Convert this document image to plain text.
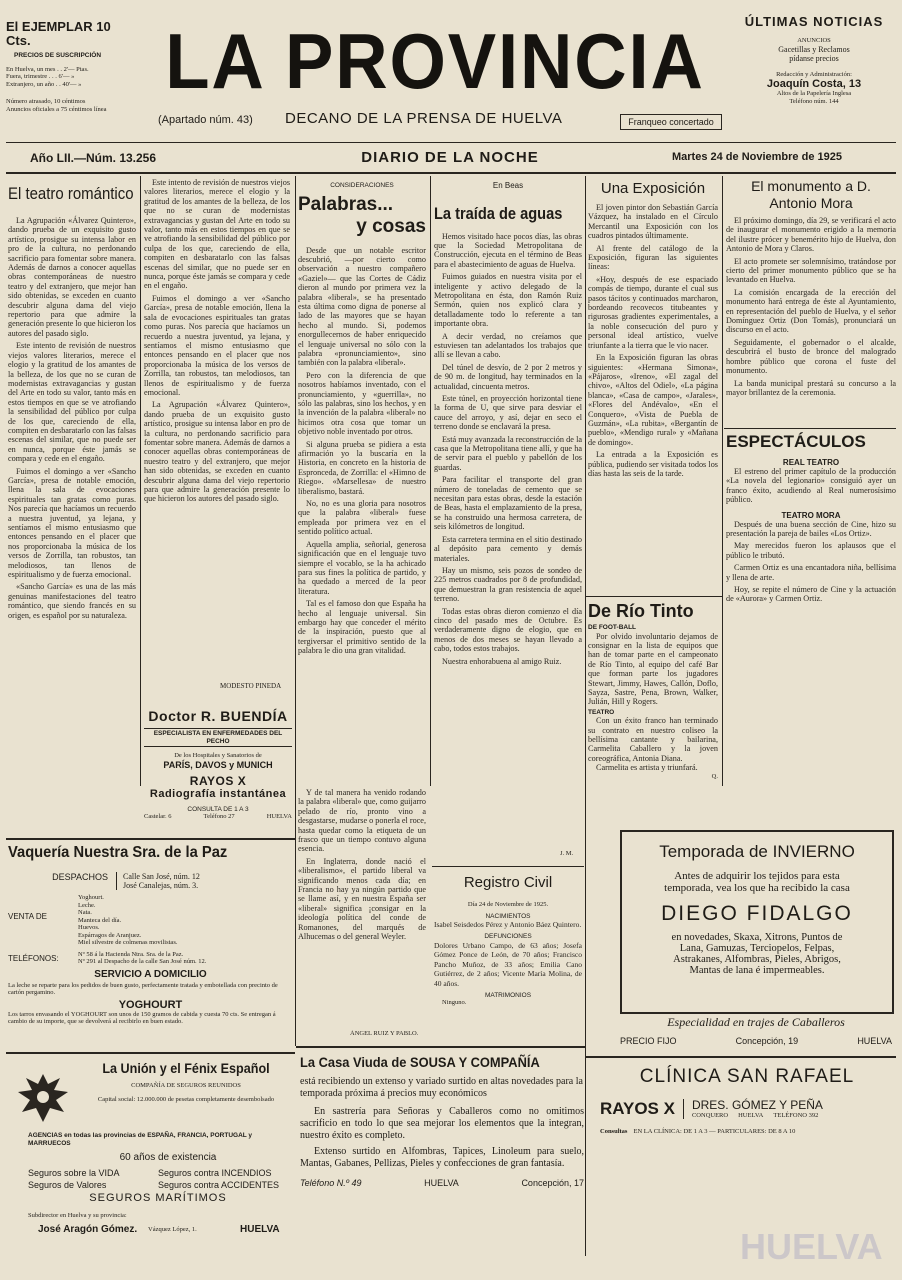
El EJEMPLAR 10 Cts.
PRECIOS DE SUSCRIPCIÓN
En Huelva, un mes . . 2'— Ptas.
Fuera, trimestre . . . 6'— »
Extranjero, un año . . 40'— »
Número atrasado, 10 céntimos
Anuncios oficiales a 75 céntimos línea
LA PROVINCIA
(Apartado núm. 43)	DECANO DE LA PRENSA DE HUELVA	Franqueo concertado
ÚLTIMAS NOTICIAS
ANUNCIOS
Gacetillas y Reclamos
pídanse precios
Redacción y Administración:
Joaquín Costa, 13
Altos de la Papelería Inglesa
Teléfono núm. 144
Año LII.—Núm. 13.256	DIARIO DE LA NOCHE	Martes 24 de Noviembre de 1925
El teatro romántico

La Agrupación «Álvarez Quintero», dando prueba de un exquisito gusto artístico, prosigue su intensa labor en pro de la cultura, no perdonando sacrificio para fomentar sobre manera. Además de darnos a conocer aquellas obras contemporáneas de nuestro teatro y del extranjero, que mejor han sido obtenidas, se exceden en cuanto descubrir alguna dama del viejo repertorio para que admire la generación presente lo que hicieron los autores del pasado siglo.

Este intento de revisión de nuestros viejos valores literarios, merece el elogio y la gratitud de los amantes de la belleza, de los que no se curan de modernistas extravagancias y gustan del Arte en todo su valor, tanto más en estos tiempos en que se ve atrofiando la sensibilidad del público por culpa de los que, careciendo de ella, compiten en desbaratarlo con las falsas escenas del similar, que no puede ser en nunca, porque éste jamás se compara y cede en el engaño.

Fuimos el domingo a ver «Sancho García», presa de notable emoción, llena la sala de evocaciones espirituales tan gratas como puras. Nos parecía que hacíamos un recuerdo a nuestra juventud, ya lejana, y sentíamos el mismo entusiasmo que entonces pensando en el placer que nos proporcionaba la música de los versos de Zorrilla, tan robustos, tan melodiosos, tan llenos de espiritualismo y de fuerza emocional.

«Sancho García» es una de las más genuinas manifestaciones del teatro romántico, que siendo francés en su origen, es español por su naturaleza.

Este intento de revisión de nuestros viejos valores literarios, merece el elogio y la gratitud de los amantes de la belleza, de los que no se curan de modernistas extravagancias y gustan del Arte en todo su valor, tanto más en estos tiempos en que se ve atrofiando la sensibilidad del público por culpa de los que, careciendo de ella, compiten en desbaratarlo con las falsas escenas del similar, que no puede ser en nunca, porque éste jamás se compara y cede en el engaño.

Fuimos el domingo a ver «Sancho García», presa de notable emoción, llena la sala de evocaciones espirituales tan gratas como puras. Nos parecía que hacíamos un recuerdo a nuestra juventud, ya lejana, y sentíamos el mismo entusiasmo que entonces pensando en el placer que nos proporcionaba la música de los versos de Zorrilla, tan robustos, tan melodiosos, tan llenos de espiritualismo y de fuerza emocional.

La Agrupación «Álvarez Quintero», dando prueba de un exquisito gusto artístico, prosigue su intensa labor en pro de la cultura, no perdonando sacrificio para fomentar sobre manera. Además de darnos a conocer aquellas obras contemporáneas de nuestro teatro y del extranjero, que mejor han sido obtenidas, se exceden en cuanto descubrir alguna dama del viejo repertorio para que admire la generación presente lo que hicieron los autores del pasado siglo.

MODESTO PINEDA
Doctor R. BUENDÍA
ESPECIALISTA EN ENFERMEDADES DEL PECHO
De los Hospitales y Sanatorios de
PARÍS, DAVOS y MUNICH
RAYOS X
Radiografía instantánea
CONSULTA DE 1 A 3
Castelar, 6	Teléfono 27	HUELVA
CONSIDERACIONES
Palabras...
y cosas

Desde que un notable escritor descubrió, —por cierto como observación a nuestro compañero «Gaziel»— que las Cortes de Cádiz dieron al mundo por primera vez la palabra «liberal», se ha presentado esta última como digna de ponerse al lado de las mayores que se hayan hecho al mundo. Si, podemos enorgullecernos de haber enriquecido el lenguaje universal no sólo con la palabra «pronunciamiento», sino también con la palabra «liberal».

Pero con la diferencia de que nosotros habíamos inventado, con el pronunciamiento, y «guerrilla», no sólo las palabras, sino los hechos, y en la invención de la palabra «liberal» no hicimos otra cosa que tomar un objetivo noble inventado por otros.

Si alguna prueba se pidiera a esta afirmación yo la buscaría en la Historia, en concreto en la historia de Espronceda, de Zorrilla: el «Himno de Riego». «Marsellesa» de nuestro liberalismo, bastará.

No, no es una gloria para nosotros que la palabra «liberal» fuese empleada por primera vez en el sentido político actual.

Aquella amplia, señorial, generosa significación que en el lenguaje tuvo siempre el vocablo, se la ha achicado para sus fines la política de partido, y ha quedado a merced de la peor literatura.

Tal es el famoso don que España ha hecho al lenguaje universal. Sin embargo hay que conceder el mérito de la inspiración, puesto que al tergiversar el primitivo sentido de la palabra le dio una gran vitalidad.

Y de tal manera ha venido rodando la palabra «liberal» que, como guijarro pelado de río, pronto vino a desgastarse, mudarse o ponerla el roce, hasta quedar como la etiqueta de un frasco que un tiempo contuvo alguna esencia.

En Inglaterra, donde nació el «liberalismo», el partido liberal va significando menos cada día; en Francia no hay ya ningún partido que se llame así, y en nuestra España ser «liberal» significa ¡consigar en la ideología política del conde de Romanones, del marqués de Alhucemas o del general Weyler.

ÁNGEL RUIZ Y PABLO.
En Beas
La traída de aguas

Hemos visitado hace pocos días, las obras que la Sociedad Metropolitana de Construcción, ejecuta en el término de Beas para el abastecimiento de aguas de Huelva.

Fuimos guiados en nuestra visita por el inteligente y activo delegado de la Metropolitana en ésta, don Ramón Ruiz Sermón, quien nos explicó clara y detalladamente todo lo referente a tan importante obra.

A decir verdad, no creíamos que estuviesen tan adelantados los trabajos que allí se llevan a cabo.

Del túnel de desvío, de 2 por 2 metros y de 90 m. de longitud, hay terminados en la actualidad, cincuenta metros.

Este túnel, en proyección horizontal tiene la forma de U, que sirve para desviar el cauce del arroyo, y así, dejar en seco el terreno donde se enclavará la presa.

Está muy avanzada la reconstrucción de la casa que la Metropolitana tiene allí, y que ha de servir para el pueblo y pabellón de los guardas.

Para facilitar el transporte del gran número de toneladas de cemento que se necesitan para estas obras, desde la estación de Beas, hasta el emplazamiento de la presa, se ha construido una hermosa carretera, de seis kilómetros de longitud.

Esta carretera termina en el sitio destinado al depósito para cemento y demás materiales.

Hay un mismo, seis pozos de sondeo de 225 metros cuadrados por 8 de profundidad, que demuestran la gran resistencia de aquel terreno.

Todas estas obras dieron comienzo el día cinco del pasado mes de Octubre. Es verdaderamente digno de elogio, que en menos de dos meses se hayan llevado a cabo, todos estos trabajos.

Nuestra enhorabuena al amigo Ruiz.

J. M.
Registro Civil
Día 24 de Noviembre de 1925.
NACIMIENTOS
Isabel Seisdedos Pérez y Antonio Báez Quintero.
DEFUNCIONES
Dolores Urbano Campo, de 63 años; Josefa Gómez Ponce de León, de 70 años; Francisco Pancho Muñoz, de 33 años; Emilia Cano Gutiérrez, de 2 años; Vicente María Molina, de 40 años.
MATRIMONIOS
Ninguno.
Una Exposición

El joven pintor don Sebastián García Vázquez, ha instalado en el Círculo Mercantil una Exposición con los cuadros pintados últimamente.

Al frente del catálogo de la Exposición, figuran las siguientes líneas:

«Hoy, después de ese espaciado compás de tiempo, durante el cual sus pasos tácitos y continuados marcharon, bordeando recovecos titubeantes y rigurosas gradientes experimentales, a la noble consecución del puro y personal ideal artístico, vuelve triunfante a la tierra que le vio nacer.

En la Exposición figuran las obras siguientes: «Hermana Simona», «Pájaros», «Ireno», «El zagal del chivo», «Altos del Odiel», «La página blanca», «Casa de campo», «Jarales», «Flores del Andévalo», «En el Conquero», «Vista de Puebla de Guzmán», «La rubita», «Bergantín de pueblo», «Mendigo rural» y «Mañana de domingo».

La entrada a la Exposición es pública, pudiendo ser visitada todos los días hasta las seis de la tarde.

De Río Tinto
DE FOOT-BALL
Por olvido involuntario dejamos de consignar en la lista de equipos que han de tomar parte en el campeonato de Río Tinto, al equipo del café Bar que forman parte los jugadores Stewart, Jimmy, Hawes, Callón, Doflo, Sayza, Sastre, Pena, Brown, Walker, Julián, Hill y Rogers.
TEATRO
Con un éxito franco han terminado su contrato en nuestro coliseo la bellísima cantante y bailarina, Carmelita Caballero y la joven coreográfica, Antonia Diana.
Carmelita es artista y triunfará.
Q.
El monumento a D. Antonio Mora

El próximo domingo, día 29, se verificará el acto de inaugurar el monumento erigido a la memoria del ilustre prócer y benemérito hijo de Huelva, don Antonio de Mora y Claros.

El acto promete ser solemnísimo, tratándose por cierto del primer monumento público que se ha levantado en Huelva.

La comisión encargada de la erección del monumento hará entrega de éste al Ayuntamiento, en representación del pueblo de Huelva, y el señor Domínguez Ortiz (Don Tomás), pronunciará un discurso en el acto.

Seguidamente, el gobernador o el alcalde, descubrirá el busto de bronce del malogrado hombre público que corona el fuste del monumento.

La banda municipal prestará su concurso a la mayor brillantez de la ceremonia.

ESPECTÁCULOS
REAL TEATRO
El estreno del primer capítulo de la producción «La novela del legionario» consiguió ayer un franco éxito, acudiendo al Real numerosísimo público.
TEATRO MORA

Después de una buena sección de Cine, hizo su presentación la pareja de bailes «Los Ortiz».

May merecidos fueron los aplausos que el público le tributó.

Carmen Ortiz es una encantadora niña, bellísima y llena de arte.

Hoy, se repite el número de Cine y la actuación de «Aurora» y Carmen Ortiz.

Vaquería Nuestra Sra. de la Paz
DESPACHOS	Calle San José, núm. 12
José Canalejas, núm. 3.
VENTA DE
Yoghourt.
Leche.
Nata.
Manteca del día.
Huevos.
Espárragos de Aranjuez.
Miel silvestre de colmenas movilistas.
TELÉFONOS:	Nº 58 á la Hacienda Ntra. Sra. de la Paz.
Nº 291 al Despacho de la calle San José núm. 12.
SERVICIO A DOMICILIO
La leche se reparte para los pedidos de buen gusto, perfectamente tratada y embotellada con precinto de cartón pergamino.
YOGHOURT
Los tarros envasando el YOGHOURT son unos de 150 gramos de cabida y cuesta 70 cts. Se entregan á cambio de su importe, que se devolverá al recibirlo en buen estado.
La Unión y el Fénix Español
COMPAÑÍA DE SEGUROS REUNIDOS
Capital social: 12.000.000 de pesetas completamente desembolsado
AGENCIAS en todas las provincias de ESPAÑA, FRANCIA, PORTUGAL y MARRUECOS
60 años de existencia
Seguros sobre la VIDA	Seguros contra INCENDIOS
Seguros de Valores	Seguros contra ACCIDENTES
SEGUROS MARÍTIMOS
Subdirector en Huelva y su provincia:
José Aragón Gómez. Vázquez López, 1.	HUELVA
La Casa Viuda de SOUSA Y COMPAÑÍA
está recibiendo un extenso y variado surtido en altas novedades para la temporada próxima á precios muy económicos
En sastrería para Señoras y Caballeros como no omitimos sacrificio en todo lo que sea mejorar los elementos que la integran, nuestro éxito es completo.
Extenso surtido en Alfombras, Tapices, Linoleum para suelo, Mantas, Gabanes, Pellizas, Pieles y confecciones de gran fantasía.
Teléfono N.º 49	HUELVA	Concepción, 17
Temporada de INVIERNO
Antes de adquirir los tejidos para esta
temporada, vea los que ha recibido la casa
DIEGO FIDALGO
en novedades, Skaxa, Xitrons, Puntos de
Lana, Gamuzas, Terciopelos, Felpas,
Astrakanes, Alfombras, Pieles, Abrigos,
Mantas de lana é impermeables.
Especialidad en trajes de Caballeros
PRECIO FIJO	Concepción, 19	HUELVA
CLÍNICA SAN RAFAEL
RAYOS X	DRES. GÓMEZ Y PEÑA
CONQUERO HUELVA TELÉFONO 392
Consultas EN LA CLÍNICA: DE 1 A 3 — PARTICULARES: DE 8 A 10
HUELVA
